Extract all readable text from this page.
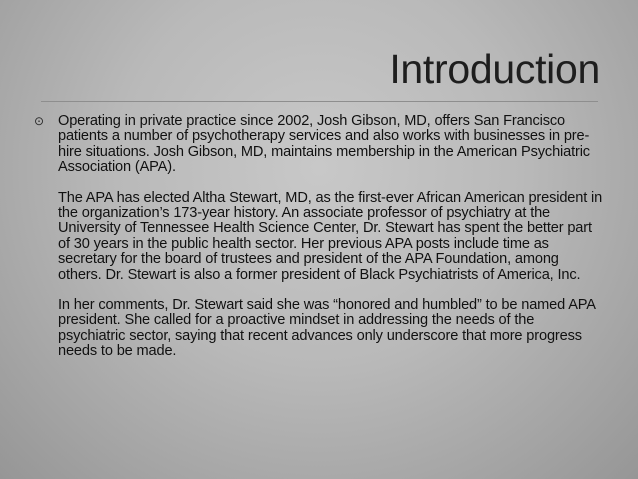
Introduction
⊙ Operating in private practice since 2002, Josh Gibson, MD, offers San Francisco patients a number of psychotherapy services and also works with businesses in pre-hire situations. Josh Gibson, MD, maintains membership in the American Psychiatric Association (APA).

The APA has elected Altha Stewart, MD, as the first-ever African American president in the organization’s 173-year history. An associate professor of psychiatry at the University of Tennessee Health Science Center, Dr. Stewart has spent the better part of 30 years in the public health sector. Her previous APA posts include time as secretary for the board of trustees and president of the APA Foundation, among others. Dr. Stewart is also a former president of Black Psychiatrists of America, Inc.

In her comments, Dr. Stewart said she was “honored and humbled” to be named APA president. She called for a proactive mindset in addressing the needs of the psychiatric sector, saying that recent advances only underscore that more progress needs to be made.
